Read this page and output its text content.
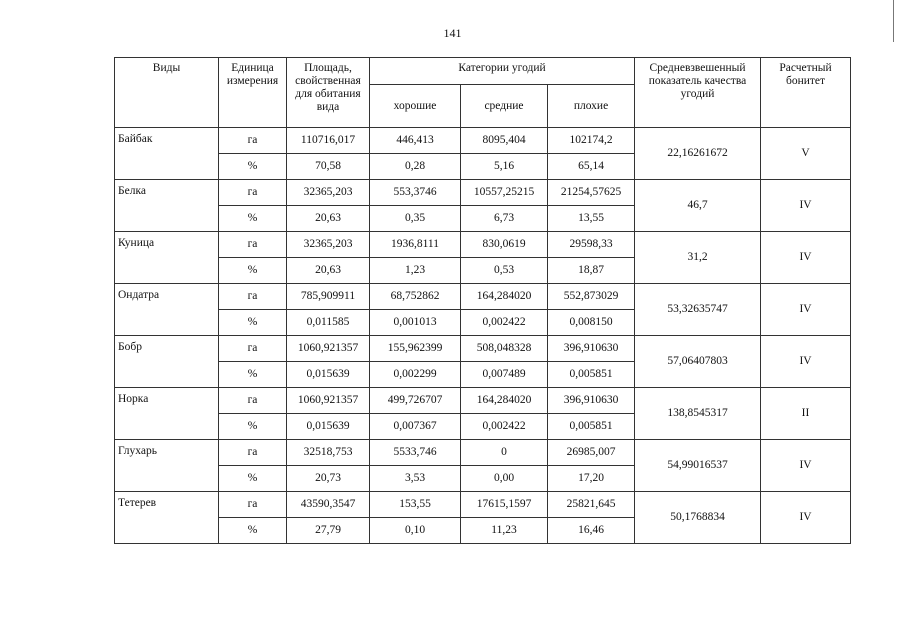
141
Виды	Единица измерения	Площадь, свойственная для обитания вида	Категории угодий			Средневзвешенный показатель качества угодий	Расчетный бонитет
			хорошие	средние	плохие		
Байбак	га	110716,017	446,413	8095,404	102174,2	22,16261672	V
	%	70,58	0,28	5,16	65,14		
Белка	га	32365,203	553,3746	10557,25215	21254,57625	46,7	IV
	%	20,63	0,35	6,73	13,55		
Куница	га	32365,203	1936,8111	830,0619	29598,33	31,2	IV
	%	20,63	1,23	0,53	18,87		
Ондатра	га	785,909911	68,752862	164,284020	552,873029	53,32635747	IV
	%	0,011585	0,001013	0,002422	0,008150		
Бобр	га	1060,921357	155,962399	508,048328	396,910630	57,06407803	IV
	%	0,015639	0,002299	0,007489	0,005851		
Норка	га	1060,921357	499,726707	164,284020	396,910630	138,8545317	II
	%	0,015639	0,007367	0,002422	0,005851		
Глухарь	га	32518,753	5533,746	0	26985,007	54,99016537	IV
	%	20,73	3,53	0,00	17,20		
Тетерев	га	43590,3547	153,55	17615,1597	25821,645	50,1768834	IV
	%	27,79	0,10	11,23	16,46		
